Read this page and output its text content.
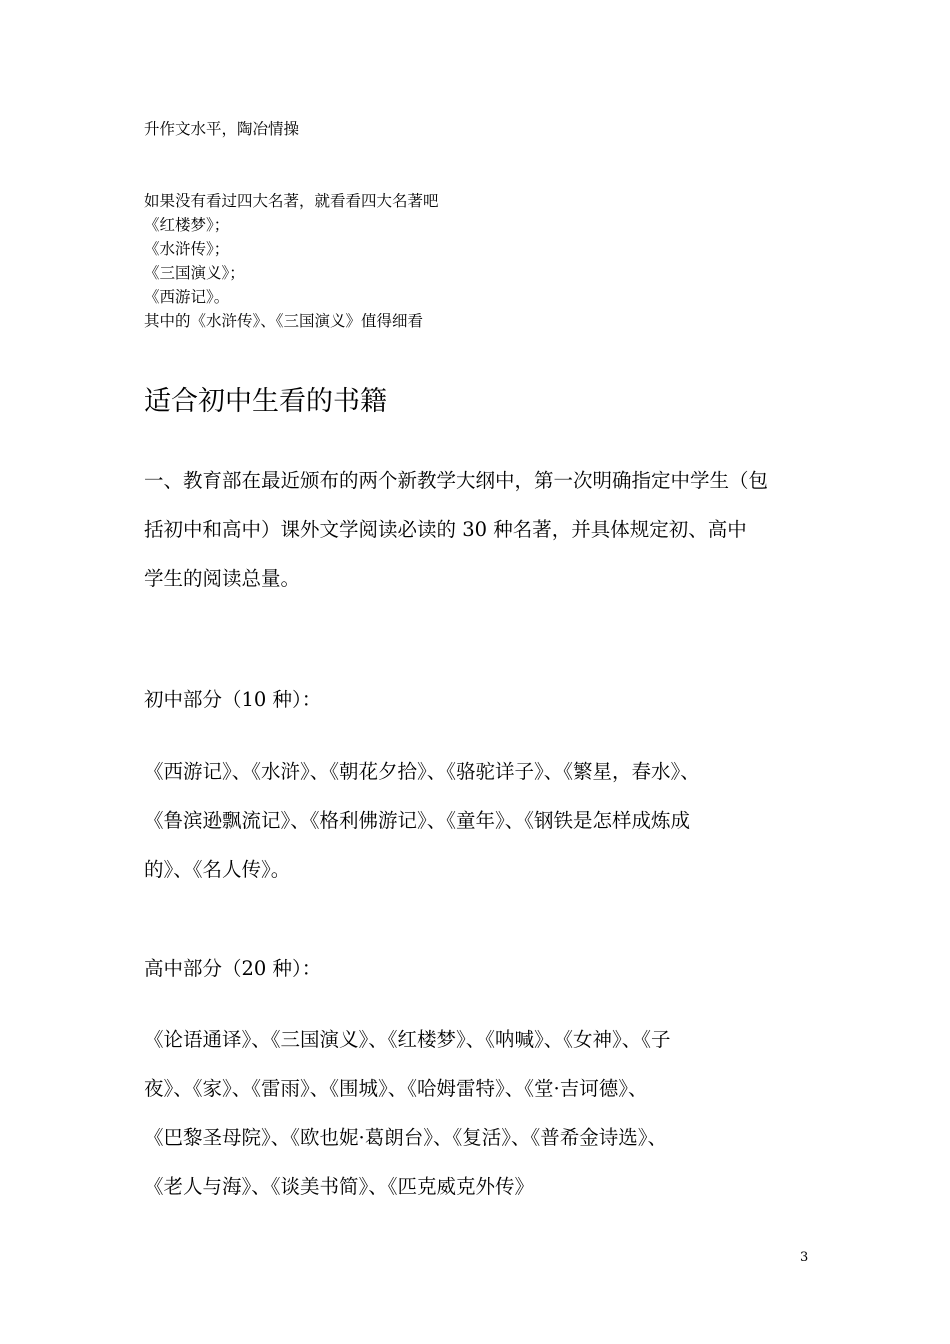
升作文水平，陶冶情操
如果没有看过四大名著，就看看四大名著吧
《红楼梦》；
《水浒传》；
《三国演义》；
《西游记》。
其中的《水浒传》、《三国演义》值得细看
适合初中生看的书籍
一、教育部在最近颁布的两个新教学大纲中，第一次明确指定中学生（包
括初中和高中）课外文学阅读必读的 30 种名著，并具体规定初、高中
学生的阅读总量。
初中部分（10 种）：
《西游记》、《水浒》、《朝花夕拾》、《骆驼详子》、《繁星，春水》、
《鲁滨逊飘流记》、《格利佛游记》、《童年》、《钢铁是怎样成炼成
的》、《名人传》。
高中部分（20 种）：
《论语通译》、《三国演义》、《红楼梦》、《呐喊》、《女神》、《子
夜》、《家》、《雷雨》、《围城》、《哈姆雷特》、《堂·吉诃德》、
《巴黎圣母院》、《欧也妮·葛朗台》、《复活》、《普希金诗选》、
《老人与海》、《谈美书简》、《匹克威克外传》
3
